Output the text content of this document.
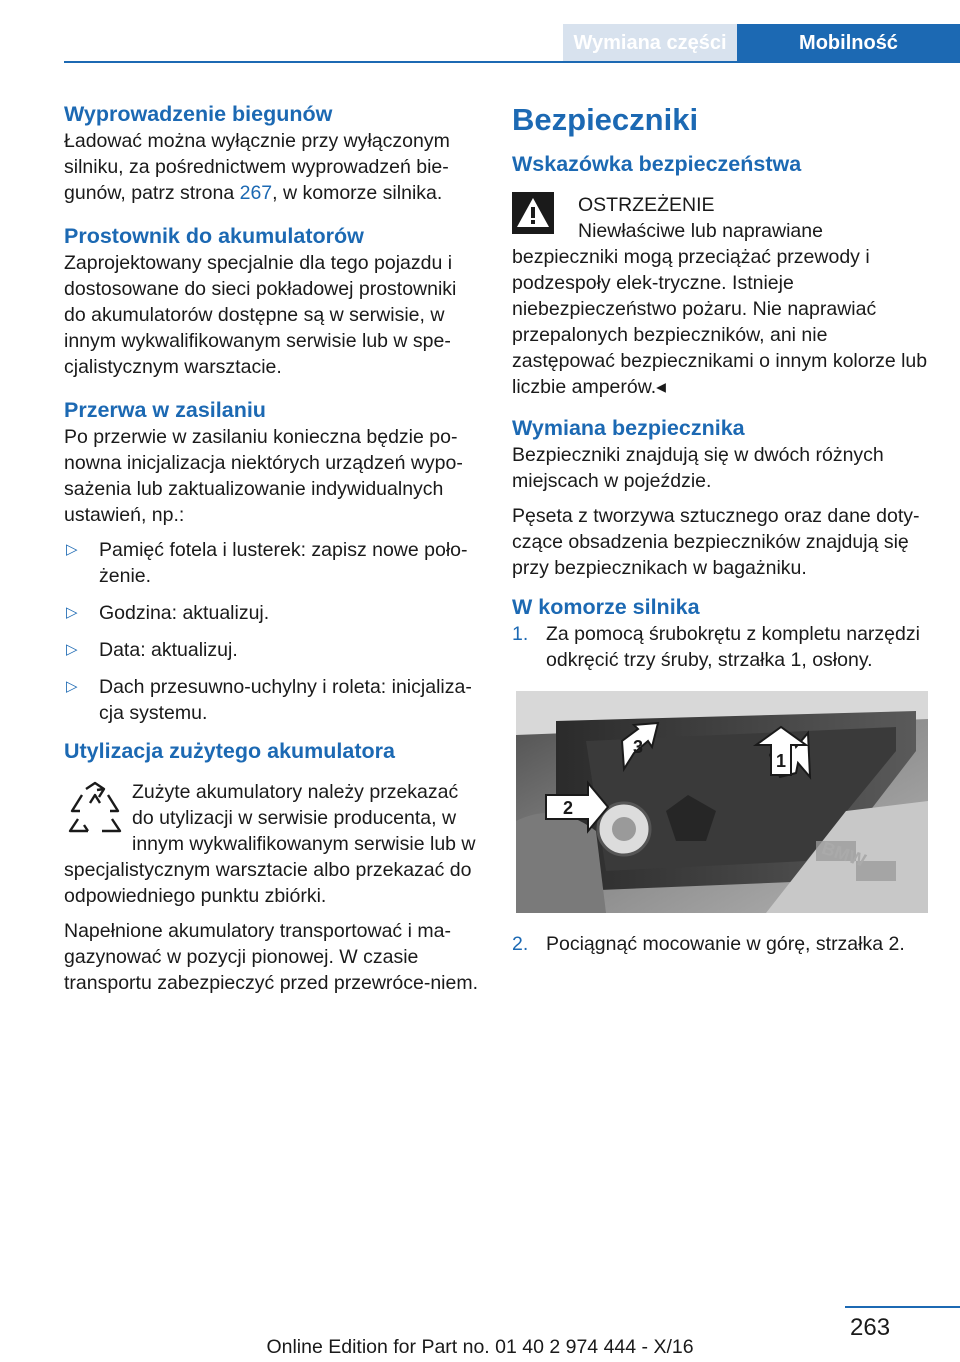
Wymiana części	Mobilność
Wyprowadzenie biegunów

Ładować można wyłącznie przy wyłączonym silniku, za pośrednictwem wyprowadzeń bie-gunów, patrz strona 267, w komorze silnika.

Prostownik do akumulatorów

Zaprojektowany specjalnie dla tego pojazdu i dostosowane do sieci pokładowej prostowniki do akumulatorów dostępne są w serwisie, w innym wykwalifikowanym serwisie lub w spe-cjalistycznym warsztacie.

Przerwa w zasilaniu

Po przerwie w zasilaniu konieczna będzie po-nowna inicjalizacja niektórych urządzeń wypo-sażenia lub zaktualizowanie indywidualnych ustawień, np.:

▷ Pamięć fotela i lusterek: zapisz nowe poło-żenie.
▷ Godzina: aktualizuj.
▷ Data: aktualizuj.
▷ Dach przesuwno-uchylny i roleta: inicjaliza-cja systemu.
Utylizacja zużytego akumulatora

Zużyte akumulatory należy przekazać do utylizacji w serwisie producenta, w innym wykwalifikowanym serwisie lub w specjalistycznym warsztacie albo przekazać do odpowiedniego punktu zbiórki.

Napełnione akumulatory transportować i ma-gazynować w pozycji pionowej. W czasie transportu zabezpieczyć przed przewróce-niem.

Bezpieczniki
Wskazówka bezpieczeństwa

OSTRZEŻENIE

Niewłaściwe lub naprawiane bezpieczniki mogą przeciążać przewody i podzespoły elek-tryczne. Istnieje niebezpieczeństwo pożaru. Nie naprawiać przepalonych bezpieczników, ani nie zastępować bezpiecznikami o innym kolorze lub liczbie amperów.◂

Wymiana bezpiecznika

Bezpieczniki znajdują się w dwóch różnych miejscach w pojeździe.

Pęseta z tworzywa sztucznego oraz dane doty-czące obsadzenia bezpieczników znajdują się przy bezpiecznikach w bagażniku.

W komorze silnika
1. Za pomocą śrubokrętu z kompletu narzędzi odkręcić trzy śruby, strzałka 1, osłony.
BMW
1
2
3
2. Pociągnąć mocowanie w górę, strzałka 2.
263
Online Edition for Part no. 01 40 2 974 444 - X/16
